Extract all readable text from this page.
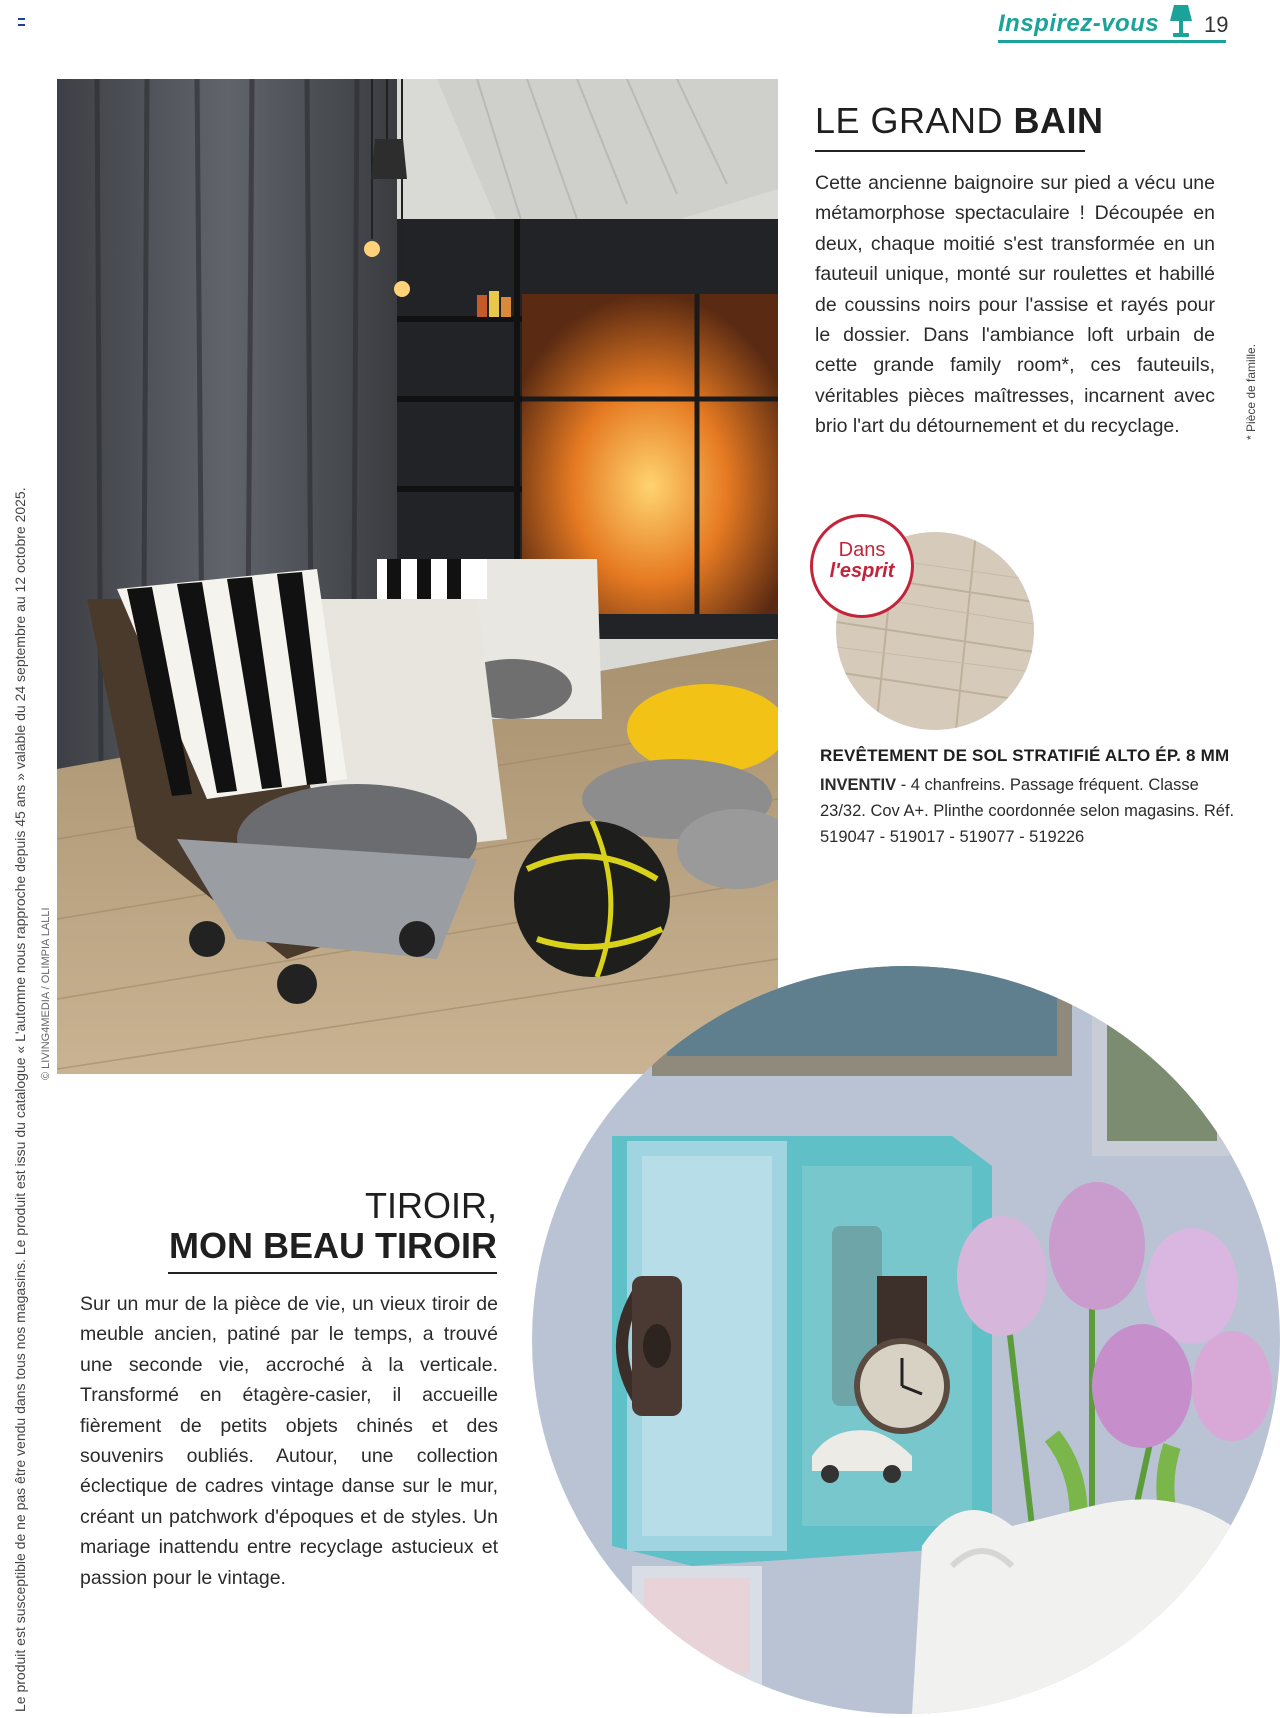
Inspirez-vous 19
Le produit est susceptible de ne pas être vendu dans tous nos magasins. Le produit est issu du catalogue « L'automne nous rapproche depuis 45 ans » valable du 24 septembre au 12 octobre 2025. © LIVING4MEDIA / OLIMPIA LALLI
* Pièce de famille.
LE GRAND BAIN
Cette ancienne baignoire sur pied a vécu une métamorphose spectaculaire ! Découpée en deux, chaque moitié s'est transformée en un fauteuil unique, monté sur roulettes et habillé de coussins noirs pour l'assise et rayés pour le dossier. Dans l'ambiance loft urbain de cette grande family room*, ces fauteuils, véritables pièces maîtresses, incarnent avec brio l'art du détournement et du recyclage.
Dans
l'esprit
REVÊTEMENT DE SOL STRATIFIÉ ALTO ÉP. 8 MM
INVENTIV - 4 chanfreins. Passage fréquent. Classe 23/32. Cov A+. Plinthe coordonnée selon magasins. Réf. 519047 - 519017 - 519077 - 519226
TIROIR,
MON BEAU TIROIR
Sur un mur de la pièce de vie, un vieux tiroir de meuble ancien, patiné par le temps, a trouvé une seconde vie, accroché à la verticale. Transformé en étagère-casier, il accueille fièrement de petits objets chinés et des souvenirs oubliés. Autour, une collection éclectique de cadres vintage danse sur le mur, créant un patchwork d'époques et de styles. Un mariage inattendu entre recyclage astucieux et passion pour le vintage.
